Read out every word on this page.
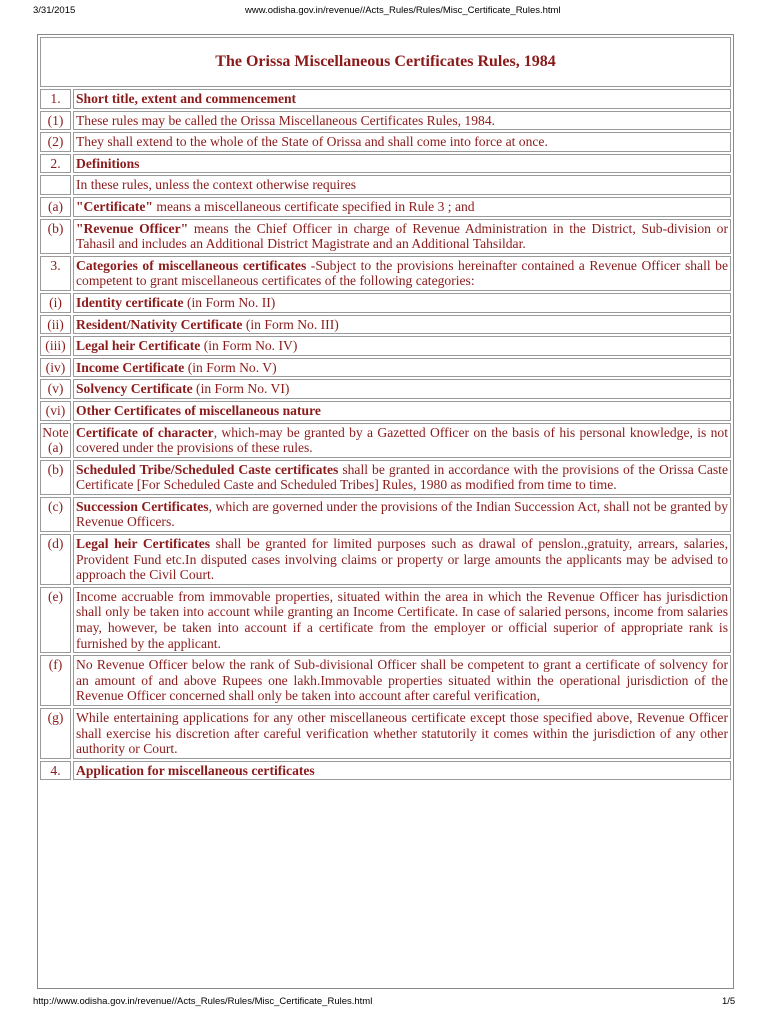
3/31/2015	www.odisha.gov.in/revenue//Acts_Rules/Rules/Misc_Certificate_Rules.html
The Orissa Miscellaneous Certificates Rules, 1984	
1.	Short title, extent and commencement
(1)	These rules may be called the Orissa Miscellaneous Certificates Rules, 1984.
(2)	They shall extend to the whole of the State of Orissa and shall come into force at once.
2.	Definitions
	In these rules, unless the context otherwise requires
(a)	"Certificate" means a miscellaneous certificate specified in Rule 3 ; and
(b)	"Revenue Officer" means the Chief Officer in charge of Revenue Administration in the District, Sub-division or Tahasil and includes an Additional District Magistrate and an Additional Tahsildar.
3.	Categories of miscellaneous certificates -Subject to the provisions hereinafter contained a Revenue Officer shall be competent to grant miscellaneous certificates of the following categories:
(i)	Identity certificate (in Form No. II)
(ii)	Resident/Nativity Certificate (in Form No. III)
(iii)	Legal heir Certificate (in Form No. IV)
(iv)	Income Certificate (in Form No. V)
(v)	Solvency Certificate (in Form No. VI)
(vi)	Other Certificates of miscellaneous nature
Note (a)	Certificate of character, which-may be granted by a Gazetted Officer on the basis of his personal knowledge, is not covered under the provisions of these rules.
(b)	Scheduled Tribe/Scheduled Caste certificates shall be granted in accordance with the provisions of the Orissa Caste Certificate [For Scheduled Caste and Scheduled Tribes] Rules, 1980 as modified from time to time.
(c)	Succession Certificates, which are governed under the provisions of the Indian Succession Act, shall not be granted by Revenue Officers.
(d)	Legal heir Certificates shall be granted for limited purposes such as drawal of penslon.,gratuity, arrears, salaries, Provident Fund etc.In disputed cases involving claims or property or large amounts the applicants may be advised to approach the Civil Court.
(e)	Income accruable from immovable properties, situated within the area in which the Revenue Officer has jurisdiction shall only be taken into account while granting an Income Certificate. In case of salaried persons, income from salaries may, however, be taken into account if a certificate from the employer or official superior of appropriate rank is furnished by the applicant.
(f)	No Revenue Officer below the rank of Sub-divisional Officer shall be competent to grant a certificate of solvency for an amount of and above Rupees one lakh.Immovable properties situated within the operational jurisdiction of the Revenue Officer concerned shall only be taken into account after careful verification,
(g)	While entertaining applications for any other miscellaneous certificate except those specified above, Revenue Officer shall exercise his discretion after careful verification whether statutorily it comes within the jurisdiction of any other authority or Court.
4.	Application for miscellaneous certificates
http://www.odisha.gov.in/revenue//Acts_Rules/Rules/Misc_Certificate_Rules.html	1/5
